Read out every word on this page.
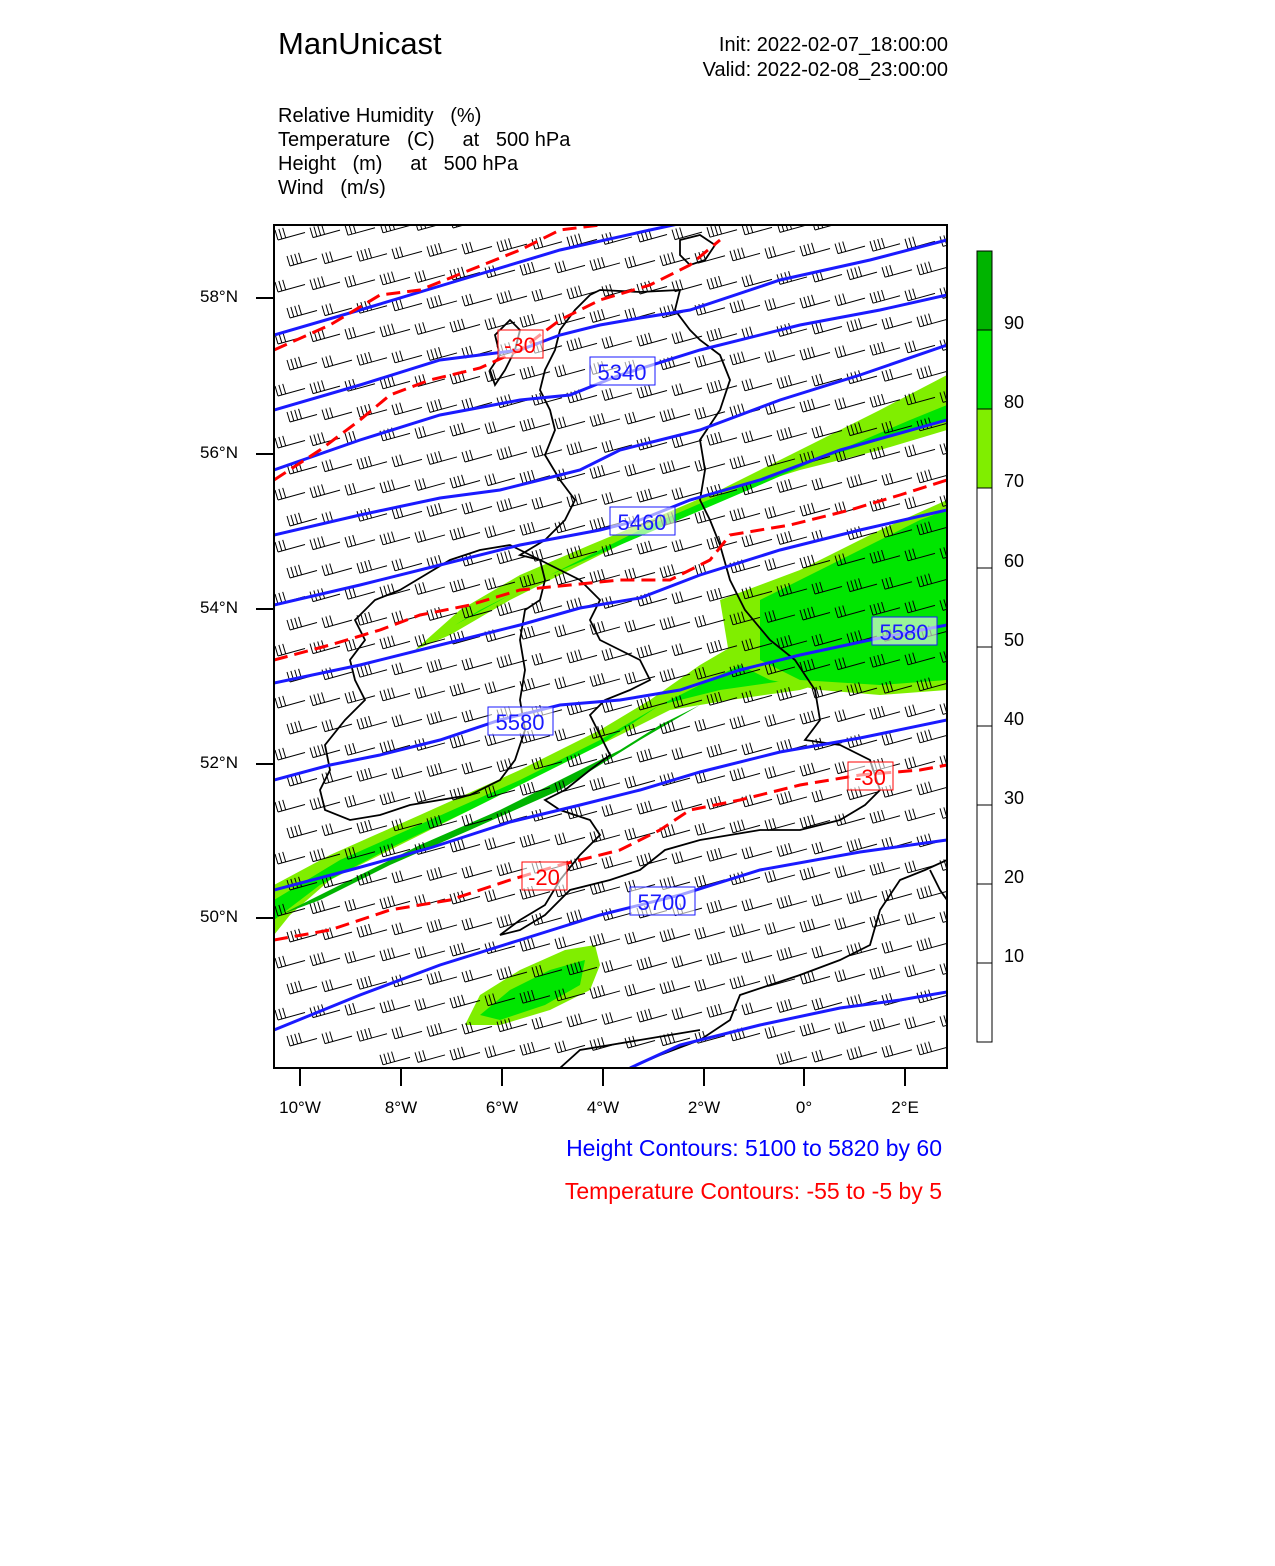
5340
5460
5580
5580
5700
-30
-30
-20
ManUnicast	Init: 2022-02-07_18:00:00
Valid: 2022-02-08_23:00:00
Relative Humidity   (%)
Temperature   (C)     at   500 hPa
Height   (m)     at   500 hPa
Wind   (m/s)
58°N
56°N
54°N
52°N
50°N
10°W	8°W	6°W	4°W	2°W	0°	2°E
90
80
70
60
50
40
30
20
10
Height Contours: 5100 to 5820 by 60
Temperature Contours: -55 to -5 by 5
